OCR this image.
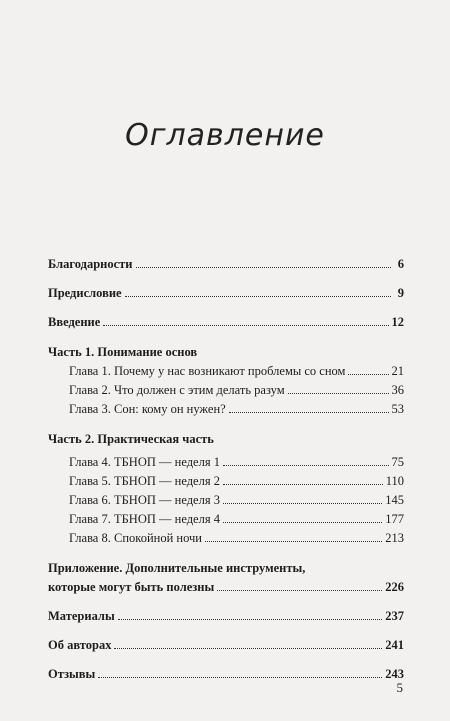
Оглавление
Благодарности	6
Предисловие	9
Введение	12
Часть 1. Понимание основ
Глава 1. Почему у нас возникают проблемы со сном	21
Глава 2. Что должен с этим делать разум	36
Глава 3. Сон: кому он нужен?	53
Часть 2. Практическая часть
Глава 4. ТБНОП — неделя 1	75
Глава 5. ТБНОП — неделя 2	110
Глава 6. ТБНОП — неделя 3	145
Глава 7. ТБНОП — неделя 4	177
Глава 8. Спокойной ночи	213
Приложение. Дополнительные инструменты,
которые могут быть полезны	226
Материалы	237
Об авторах	241
Отзывы	243
5
